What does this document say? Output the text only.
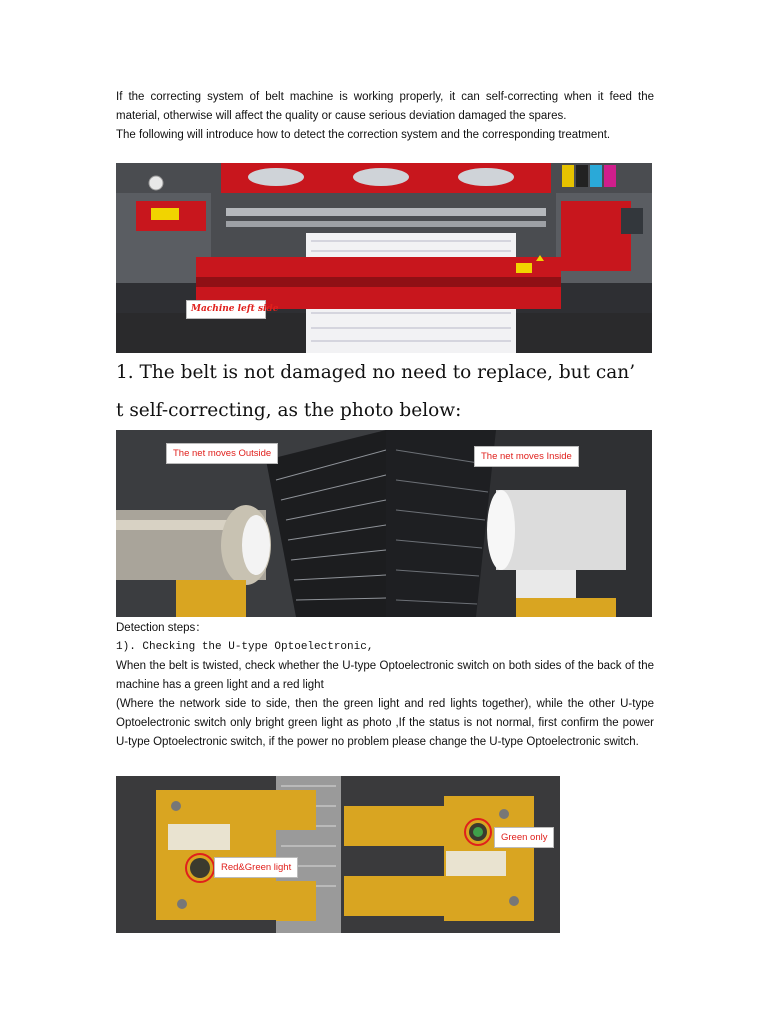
If the correcting system of belt machine is working properly, it can self-correcting when it feed the material, otherwise will affect the quality or cause serious deviation damaged the spares.
The following will introduce how to detect the correction system and the corresponding treatment.
Machine left side
1. The belt is not damaged no need to replace, but can’
t self-correcting, as the photo below:
The net moves Outside	The net moves Inside
Detection steps：
1). Checking the U-type Optoelectronic,
When the belt is twisted, check whether the U-type Optoelectronic switch on both sides of the back of the machine has a green light and a red light
(Where the network side to side, then the green light and red lights together), while the other U-type Optoelectronic switch only bright green light as photo ,If the status is not normal, first confirm the power U-type Optoelectronic switch, if the power no problem please change the U-type Optoelectronic switch.
Red&Green light
Green only
